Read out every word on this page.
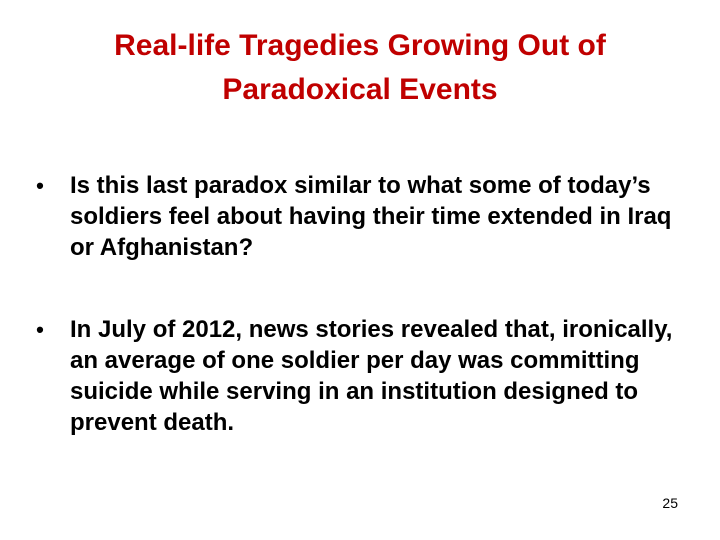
Real-life Tragedies Growing Out of Paradoxical Events
• Is this last paradox similar to what some of today’s soldiers feel about having their time extended in Iraq or Afghanistan?
• In July of 2012, news stories revealed that, ironically, an average of one soldier per day was committing suicide while serving in an institution designed to prevent death.
25
